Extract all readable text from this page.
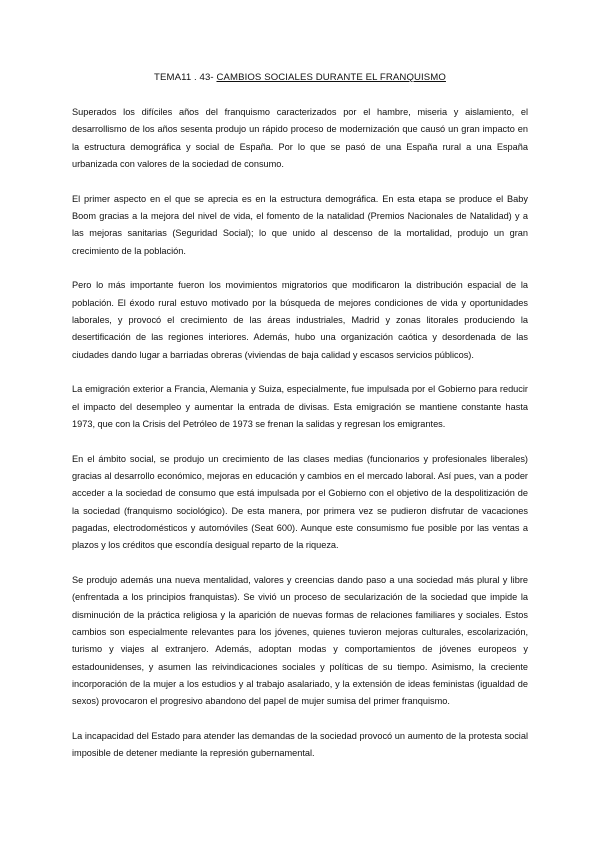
TEMA11 . 43- CAMBIOS SOCIALES DURANTE EL FRANQUISMO

Superados los difíciles años del franquismo caracterizados por el hambre, miseria y aislamiento, el desarrollismo de los años sesenta produjo un rápido proceso de modernización que causó un gran impacto en la estructura demográfica y social de España. Por lo que se pasó de una España rural a una España urbanizada con valores de la sociedad de consumo.

El primer aspecto en el que se aprecia es en la estructura demográfica. En esta etapa se produce el Baby Boom gracias a la mejora del nivel de vida, el fomento de la natalidad (Premios Nacionales de Natalidad) y a las mejoras sanitarias (Seguridad Social); lo que unido al descenso de la mortalidad, produjo un gran crecimiento de la población.

Pero lo más importante fueron los movimientos migratorios que modificaron la distribución espacial de la población. El éxodo rural estuvo motivado por la búsqueda de mejores condiciones de vida y oportunidades laborales, y provocó el crecimiento de las áreas industriales, Madrid y zonas litorales produciendo la desertificación de las regiones interiores. Además, hubo una organización caótica y desordenada de las ciudades dando lugar a barriadas obreras (viviendas de baja calidad y escasos servicios públicos).

La emigración exterior a Francia, Alemania y Suiza, especialmente, fue impulsada por el Gobierno para reducir el impacto del desempleo y aumentar la entrada de divisas. Esta emigración se mantiene constante hasta 1973, que con la Crisis del Petróleo de 1973 se frenan la salidas y regresan los emigrantes.

En el ámbito social, se produjo un crecimiento de las clases medias (funcionarios y profesionales liberales) gracias al desarrollo económico, mejoras en educación y cambios en el mercado laboral. Así pues, van a poder acceder a la sociedad de consumo que está impulsada por el Gobierno con el objetivo de la despolitización de la sociedad (franquismo sociológico). De esta manera, por primera vez se pudieron disfrutar de vacaciones pagadas, electrodomésticos y automóviles (Seat 600). Aunque este consumismo fue posible por las ventas a plazos y los créditos que escondía desigual reparto de la riqueza.

Se produjo además una nueva mentalidad, valores y creencias dando paso a una sociedad más plural y libre (enfrentada a los principios franquistas). Se vivió un proceso de secularización de la sociedad que impide la disminución de la práctica religiosa y la aparición de nuevas formas de relaciones familiares y sociales. Estos cambios son especialmente relevantes para los jóvenes, quienes tuvieron mejoras culturales, escolarización, turismo y viajes al extranjero. Además, adoptan modas y comportamientos de jóvenes europeos y estadounidenses, y asumen las reivindicaciones sociales y políticas de su tiempo. Asimismo, la creciente incorporación de la mujer a los estudios y al trabajo asalariado, y la extensión de ideas feministas (igualdad de sexos) provocaron el progresivo abandono del papel de mujer sumisa del primer franquismo.

La incapacidad del Estado para atender las demandas de la sociedad provocó un aumento de la protesta social imposible de detener mediante la represión gubernamental.
